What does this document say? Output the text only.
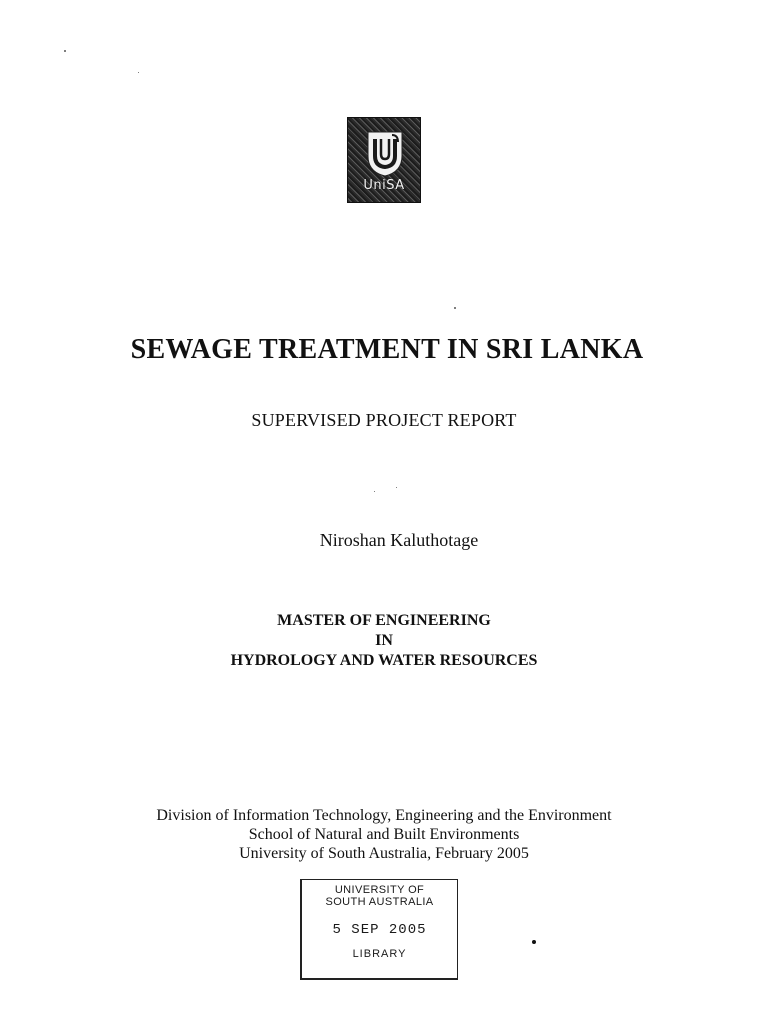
UniSA
SEWAGE TREATMENT IN SRI LANKA
SUPERVISED PROJECT REPORT
Niroshan Kaluthotage
MASTER OF ENGINEERING
IN
HYDROLOGY AND WATER RESOURCES
Division of Information Technology, Engineering and the Environment
School of Natural and Built Environments
University of South Australia, February 2005
UNIVERSITY OF
SOUTH AUSTRALIA
5 SEP 2005
LIBRARY
